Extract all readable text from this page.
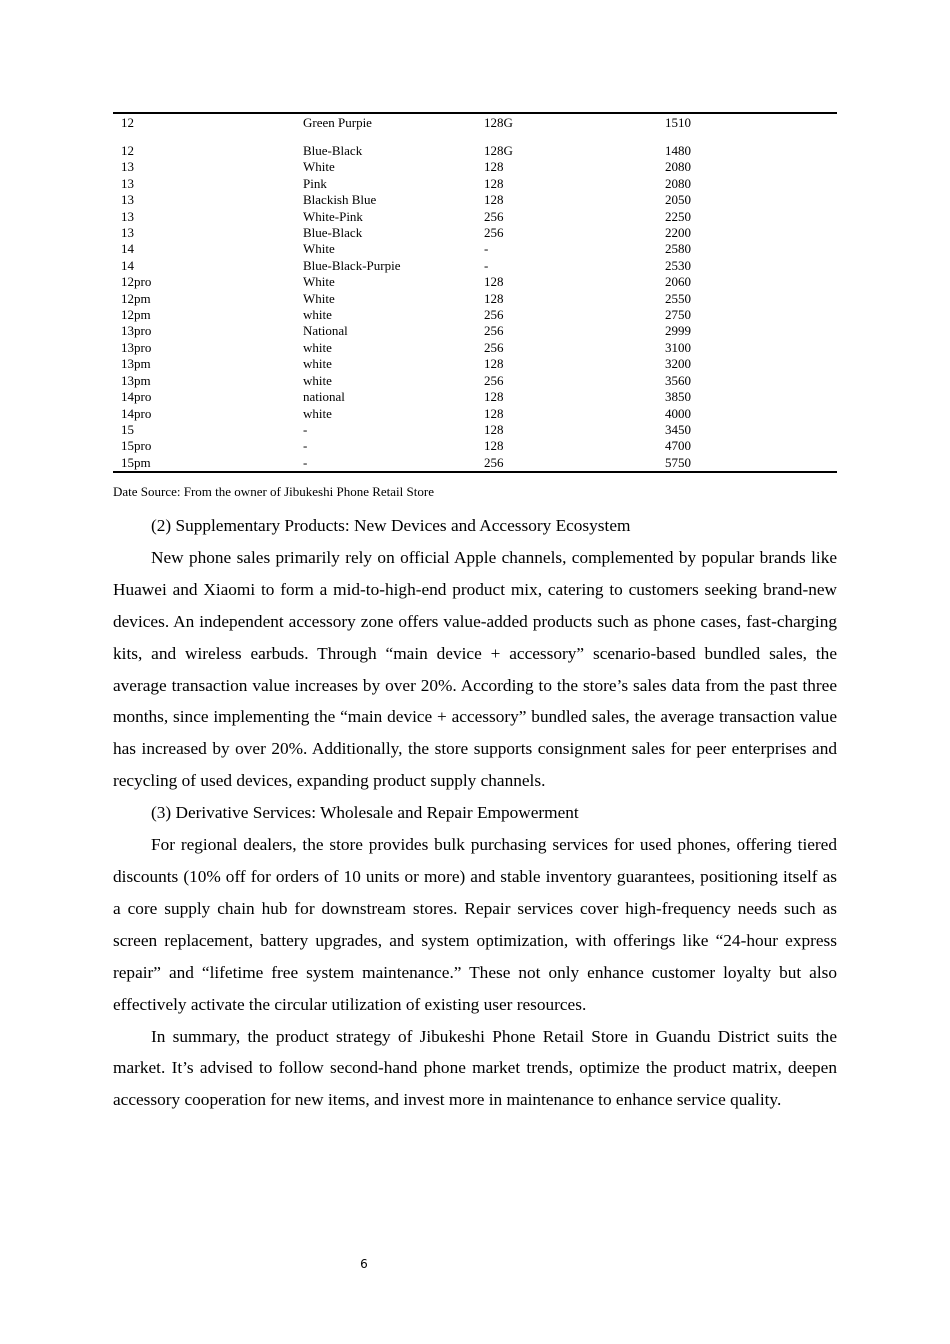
12	Green Purpie	128G	1510
12	Blue-Black	128G	1480
13	White	128	2080
13	Pink	128	2080
13	Blackish Blue	128	2050
13	White-Pink	256	2250
13	Blue-Black	256	2200
14	White	-	2580
14	Blue-Black-Purpie	-	2530
12pro	White	128	2060
12pm	White	128	2550
12pm	white	256	2750
13pro	National	256	2999
13pro	white	256	3100
13pm	white	128	3200
13pm	white	256	3560
14pro	national	128	3850
14pro	white	128	4000
15	-	128	3450
15pro	-	128	4700
15pm	-	256	5750
Date Source: From the owner of Jibukeshi Phone Retail Store

(2) Supplementary Products: New Devices and Accessory Ecosystem

New phone sales primarily rely on official Apple channels, complemented by popular brands like Huawei and Xiaomi to form a mid-to-high-end product mix, catering to customers seeking brand-new devices. An independent accessory zone offers value-added products such as phone cases, fast-charging kits, and wireless earbuds. Through “main device + accessory” scenario-based bundled sales, the average transaction value increases by over 20%. According to the store’s sales data from the past three months, since implementing the “main device + accessory” bundled sales, the average transaction value has increased by over 20%. Additionally, the store supports consignment sales for peer enterprises and recycling of used devices, expanding product supply channels.

(3) Derivative Services: Wholesale and Repair Empowerment

For regional dealers, the store provides bulk purchasing services for used phones, offering tiered discounts (10% off for orders of 10 units or more) and stable inventory guarantees, positioning itself as a core supply chain hub for downstream stores. Repair services cover high-frequency needs such as screen replacement, battery upgrades, and system optimization, with offerings like “24-hour express repair” and “lifetime free system maintenance.” These not only enhance customer loyalty but also effectively activate the circular utilization of existing user resources.

In summary, the product strategy of Jibukeshi Phone Retail Store in Guandu District suits the market. It’s advised to follow second-hand phone market trends, optimize the product matrix, deepen accessory cooperation for new items, and invest more in maintenance to enhance service quality.

6
